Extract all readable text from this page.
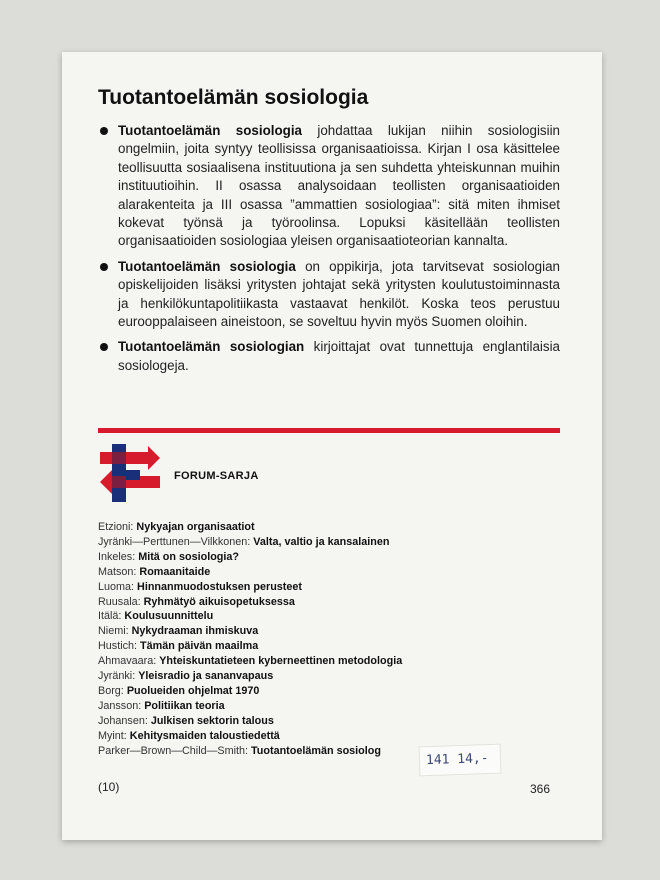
Tuotantoelämän sosiologia

Tuotantoelämän sosiologia johdattaa lukijan niihin sosiologisiin ongelmiin, joita syntyy teollisissa organisaatioissa. Kirjan I osa käsittelee teollisuutta sosiaalisena instituutiona ja sen suhdetta yhteiskunnan muihin instituutioihin. II osassa analysoidaan teollisten organisaatioiden alarakenteita ja III osassa ”ammattien sosiologiaa”: sitä miten ihmiset kokevat työnsä ja työroolinsa. Lopuksi käsitellään teollisten organisaatioiden sosiologiaa yleisen organisaatioteorian kannalta.

Tuotantoelämän sosiologia on oppikirja, jota tarvitsevat sosiologian opiskelijoiden lisäksi yritysten johtajat sekä yritysten koulutustoiminnasta ja henkilökuntapolitiikasta vastaavat henkilöt. Koska teos perustuu eurooppalaiseen aineistoon, se soveltuu hyvin myös Suomen oloihin.

Tuotantoelämän sosiologian kirjoittajat ovat tunnettuja englantilaisia sosiologeja.

FORUM-SARJA

Etzioni: Nykyajan organisaatiot

Jyränki—Perttunen—Vilkkonen: Valta, valtio ja kansalainen

Inkeles: Mitä on sosiologia?

Matson: Romaanitaide

Luoma: Hinnanmuodostuksen perusteet

Ruusala: Ryhmätyö aikuisopetuksessa

Itälä: Koulusuunnittelu

Niemi: Nykydraaman ihmiskuva

Hustich: Tämän päivän maailma

Ahmavaara: Yhteiskuntatieteen kyberneettinen metodologia

Jyränki: Yleisradio ja sananvapaus

Borg: Puolueiden ohjelmat 1970

Jansson: Politiikan teoria

Johansen: Julkisen sektorin talous

Myint: Kehitysmaiden taloustiedettä

Parker—Brown—Child—Smith: Tuotantoelämän sosiolog

141 14,-
(10)	366
